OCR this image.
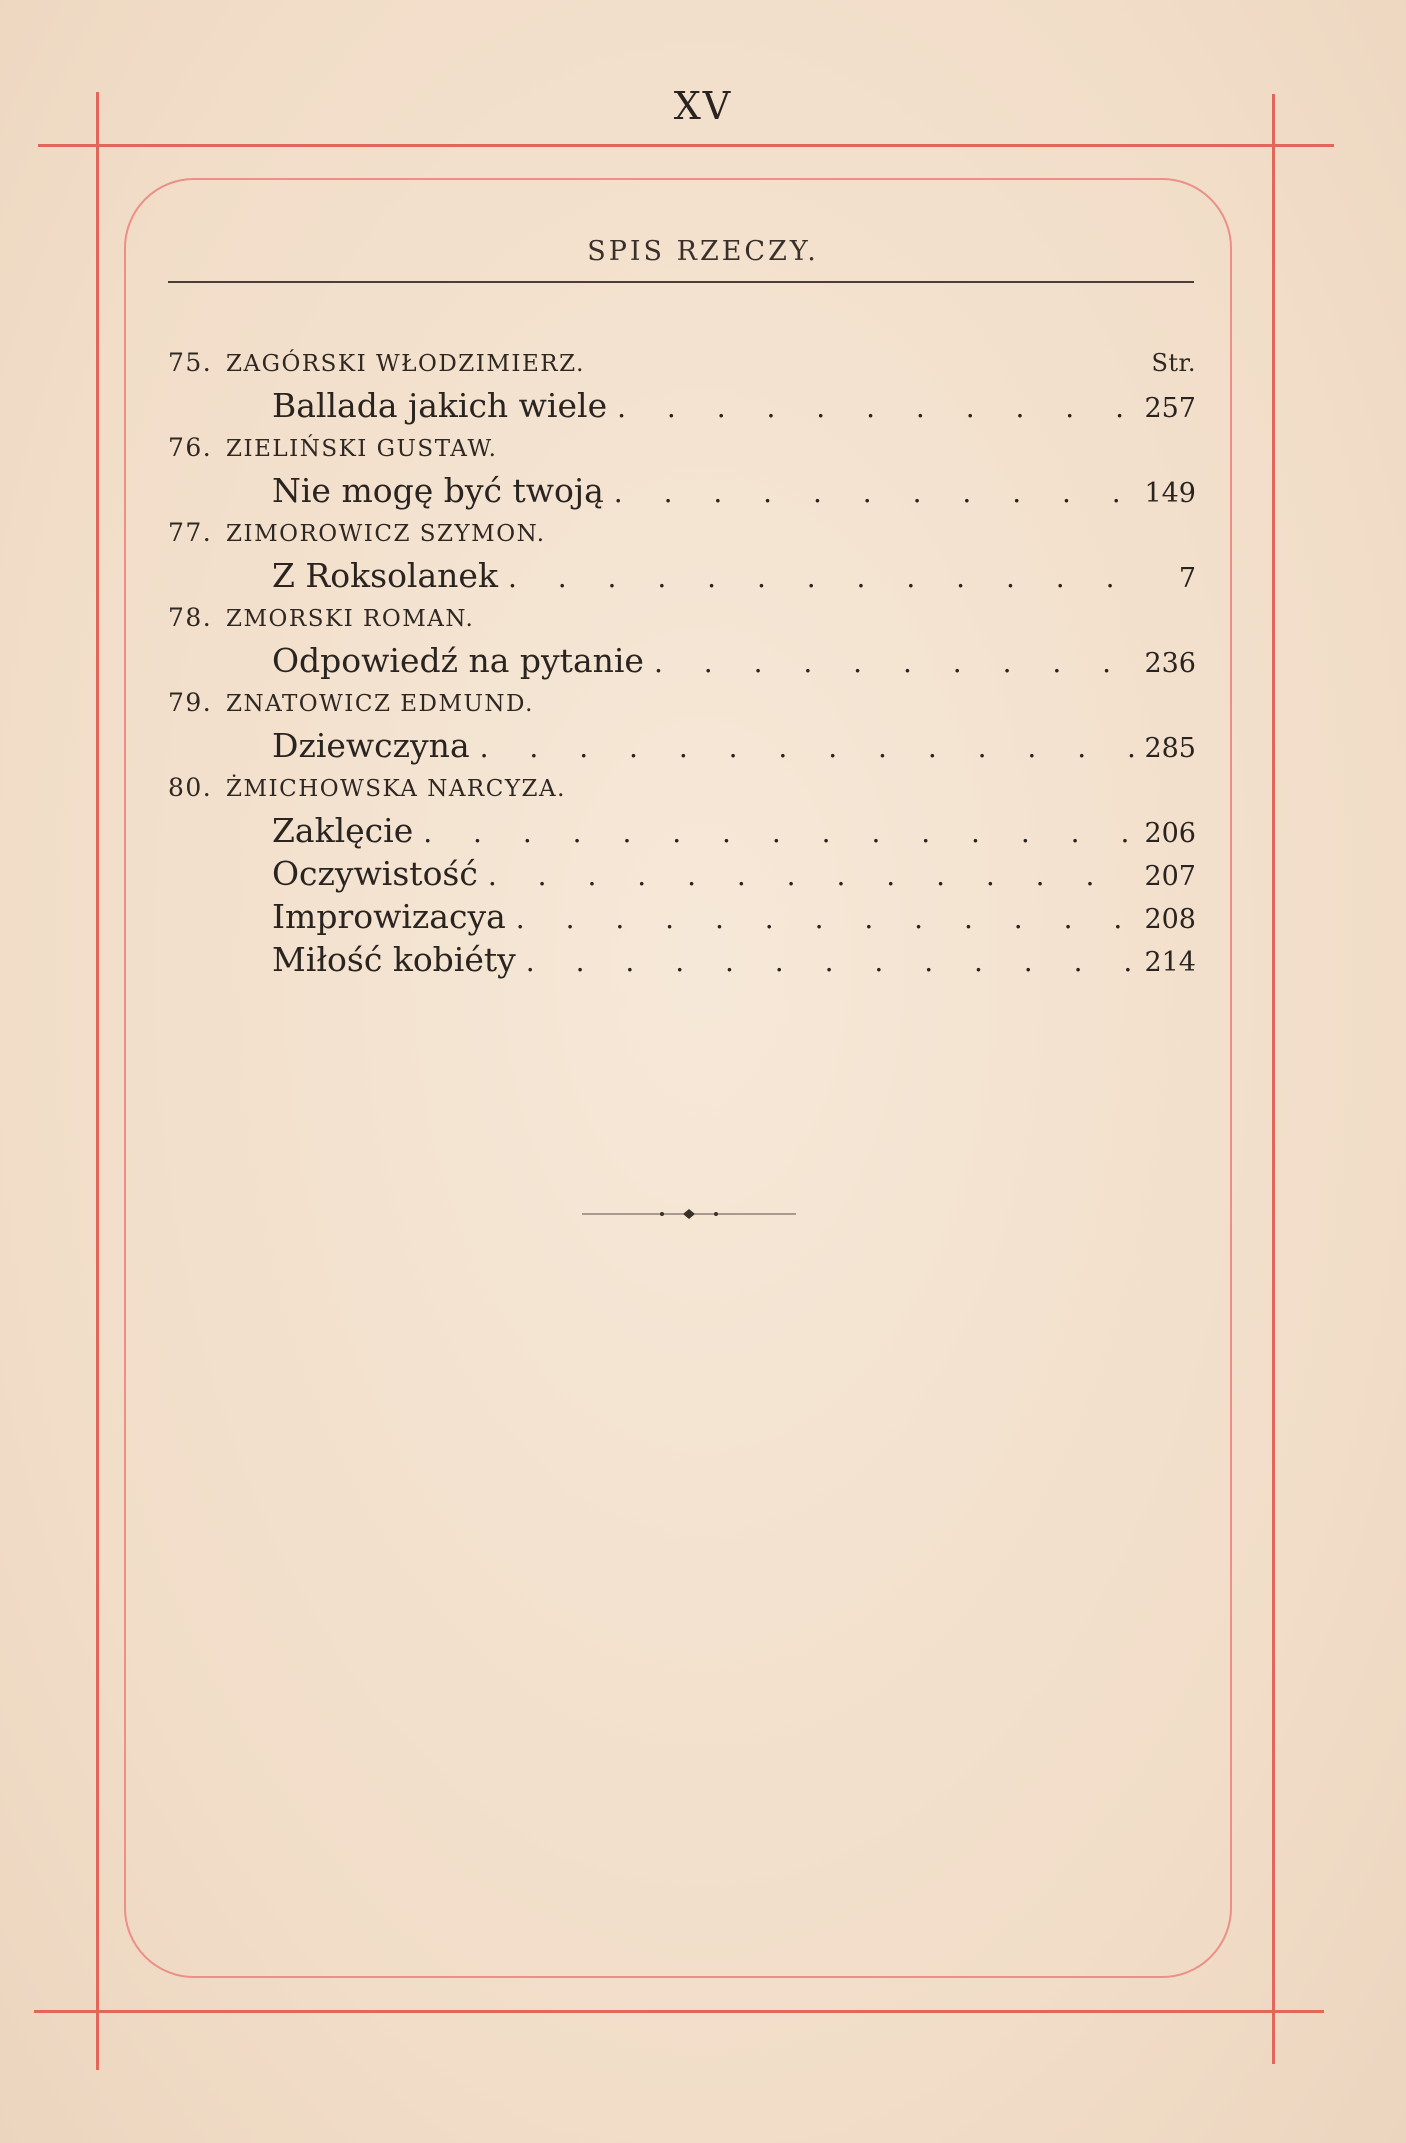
XV
SPIS RZECZY.
75. ZAGÓRSKI WŁODZIMIERZ.	Str.
Ballada jakich wiele . . .	257
76. ZIELIŃSKI GUSTAW.
Nie mogę być twoją . . .	149
77. ZIMOROWICZ SZYMON.
Z Roksolanek . . .	7
78. ZMORSKI ROMAN.
Odpowiedź na pytanie . . .	236
79. ZNATOWICZ EDMUND.
Dziewczyna . . .	285
80. ŻMICHOWSKA NARCYZA.
Zaklęcie . . .	206
Oczywistość . . .	207
Improwizacya . . .	208
Miłość kobiéty . . .	214
